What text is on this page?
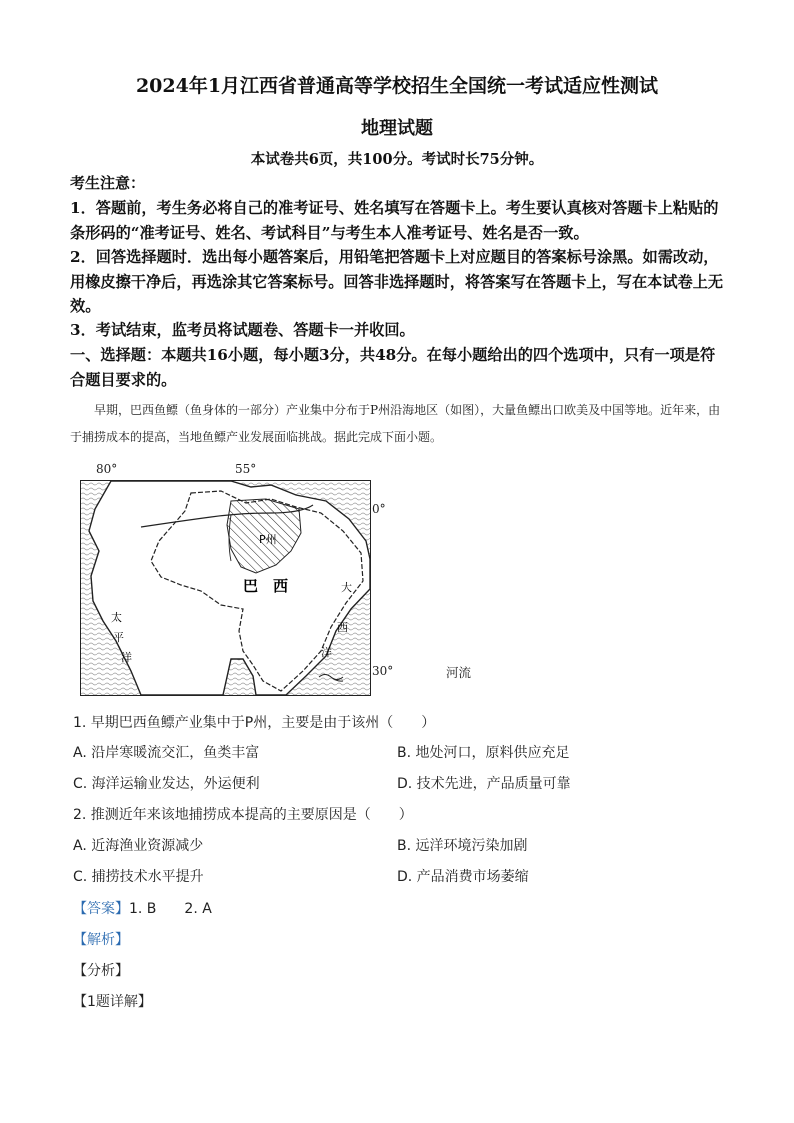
2024年1月江西省普通高等学校招生全国统一考试适应性测试
地理试题
本试卷共6页，共100分。考试时长75分钟。
考生注意：
1．答题前，考生务必将自己的准考证号、姓名填写在答题卡上。考生要认真核对答题卡上粘贴的条形码的“准考证号、姓名、考试科目”与考生本人准考证号、姓名是否一致。
2．回答选择题时．选出每小题答案后，用铅笔把答题卡上对应题目的答案标号涂黑。如需改动，用橡皮擦干净后，再选涂其它答案标号。回答非选择题时，将答案写在答题卡上，写在本试卷上无效。
3．考试结束，监考员将试题卷、答题卡一并收回。
一、选择题：本题共16小题，每小题3分，共48分。在每小题给出的四个选项中，只有一项是符合题目要求的。
早期，巴西鱼鳔（鱼身体的一部分）产业集中分布于P州沿海地区（如图），大量鱼鳔出口欧美及中国等地。近年来，由于捕捞成本的提高，当地鱼鳔产业发展面临挑战。据此完成下面小题。
80°	55°
0°
30°
P州
巴　西
太
平
洋
大
西
洋
河流
1. 早期巴西鱼鳔产业集中于P州，主要是由于该州（　　）
A. 沿岸寒暖流交汇，鱼类丰富	B. 地处河口，原料供应充足
C. 海洋运输业发达，外运便利	D. 技术先进，产品质量可靠
2. 推测近年来该地捕捞成本提高的主要原因是（　　）
A. 近海渔业资源减少	B. 远洋环境污染加剧
C. 捕捞技术水平提升	D. 产品消费市场萎缩
【答案】1. B　　2. A
【解析】
【分析】
【1题详解】
